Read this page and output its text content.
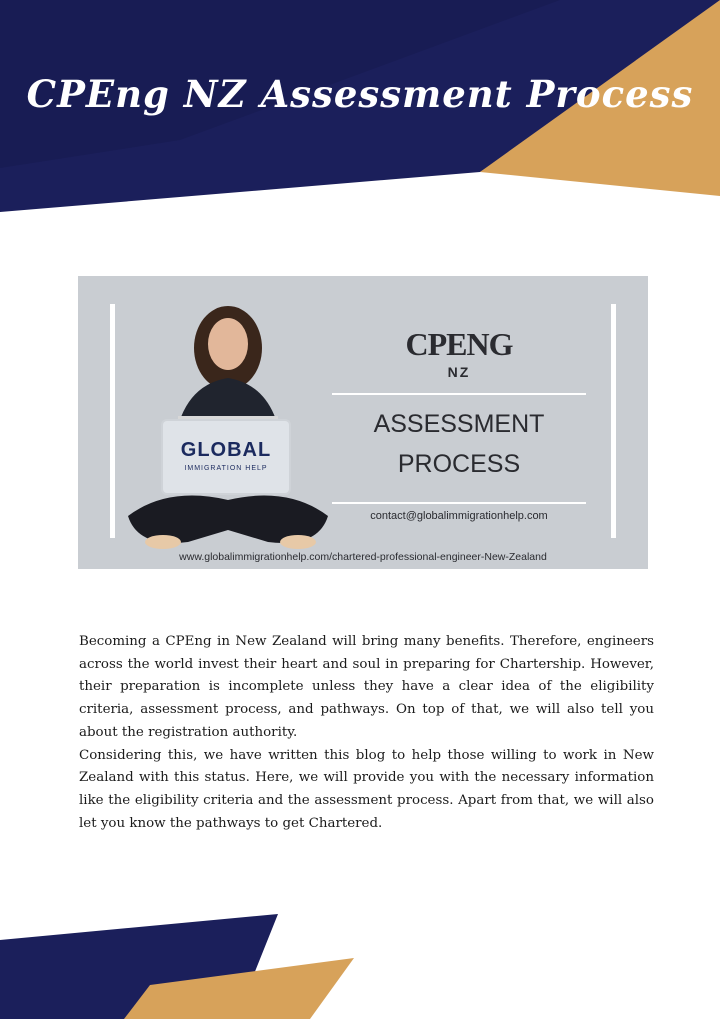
CPEng NZ Assessment Process
GLOBAL
IMMIGRATION HELP
CPENG
NZ
ASSESSMENT
PROCESS
contact@globalimmigrationhelp.com
www.globalimmigrationhelp.com/chartered-professional-engineer-New-Zealand

Becoming a CPEng in New Zealand will bring many benefits. Therefore, engineers across the world invest their heart and soul in preparing for Chartership. However, their preparation is incomplete unless they have a clear idea of the eligibility criteria, assessment process, and pathways. On top of that, we will also tell you about the registration authority.

Considering this, we have written this blog to help those willing to work in New Zealand with this status. Here, we will provide you with the necessary information like the eligibility criteria and the assessment process. Apart from that, we will also let you know the pathways to get Chartered.
